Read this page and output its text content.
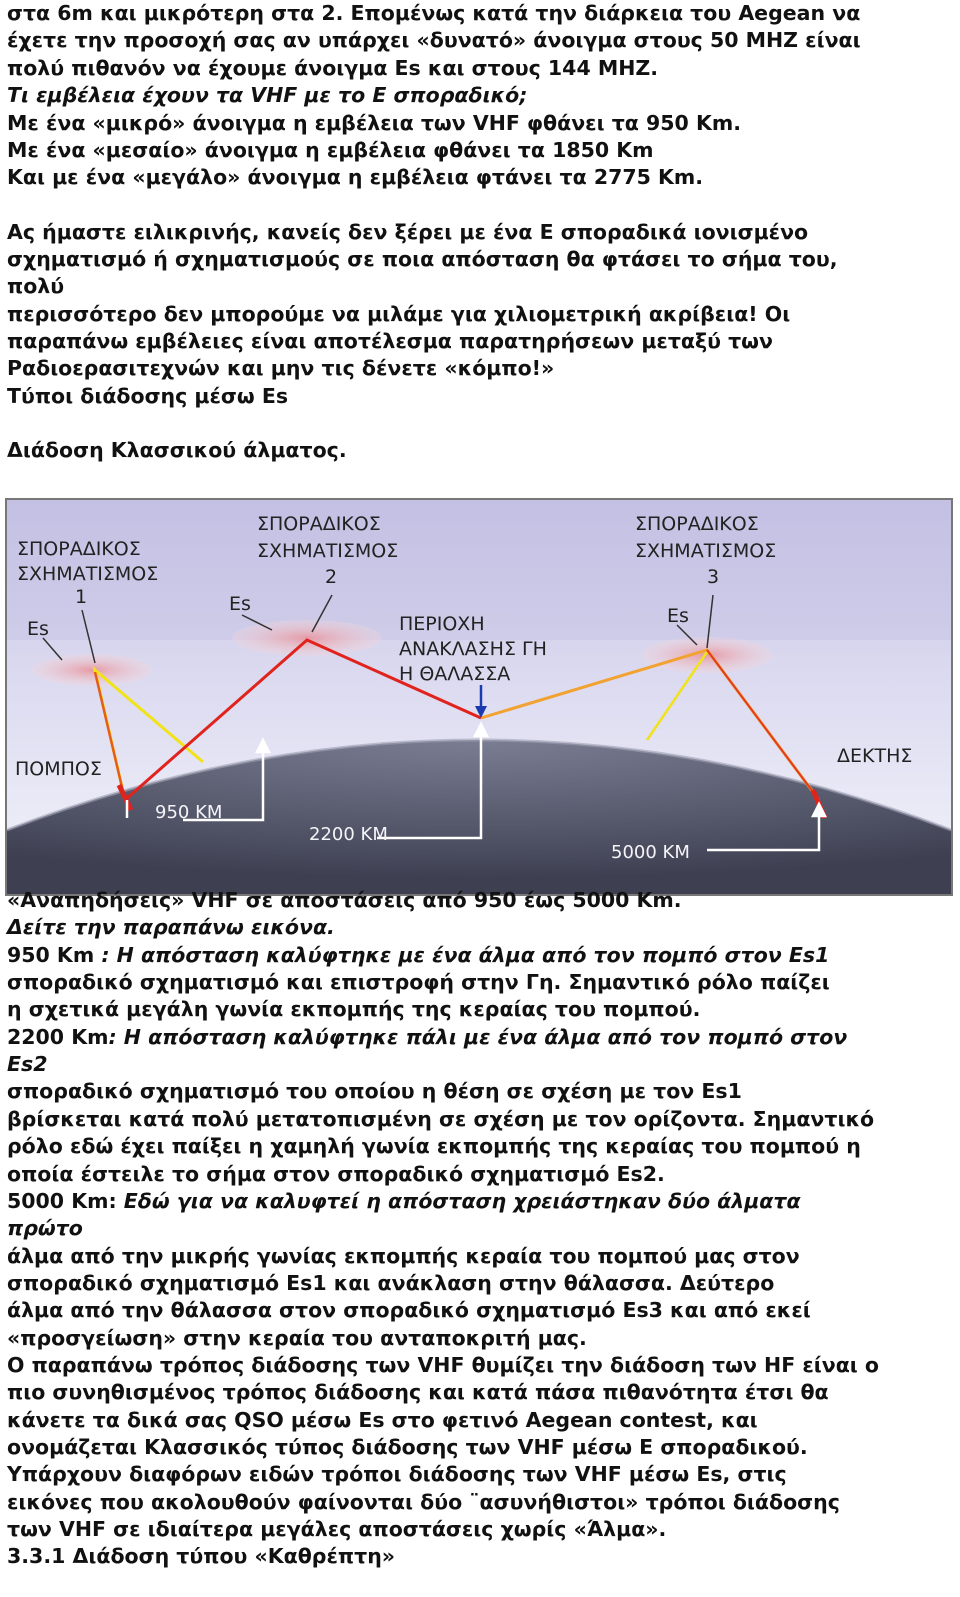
στα 6m και μικρότερη στα 2. Επομένως κατά την διάρκεια του Aegean να
έχετε την προσοχή σας αν υπάρχει «δυνατό» άνοιγμα στους 50 MHZ είναι
πολύ πιθανόν να έχουμε άνοιγμα Es και στους 144 MHZ.
Τι εμβέλεια έχουν τα VHF με το Ε σποραδικό;
Με ένα «μικρό» άνοιγμα η εμβέλεια των VHF φθάνει τα 950 Km.
Με ένα «μεσαίο» άνοιγμα η εμβέλεια φθάνει τα 1850 Km
Και με ένα «μεγάλο» άνοιγμα η εμβέλεια φτάνει τα 2775 Km.
Ας ήμαστε ειλικρινής, κανείς δεν ξέρει με ένα Ε σποραδικά ιονισμένο
σχηματισμό ή σχηματισμούς σε ποια απόσταση θα φτάσει το σήμα του,
πολύ
περισσότερο δεν μπορούμε να μιλάμε για χιλιομετρική ακρίβεια! Οι
παραπάνω εμβέλειες είναι αποτέλεσμα παρατηρήσεων μεταξύ των
Ραδιοερασιτεχνών και μην τις δένετε «κόμπο!»
Τύποι διάδοσης μέσω Es
Διάδοση Κλασσικού άλματος.
ΣΠΟΡΑΔΙΚΟΣ
ΣΧΗΜΑΤΙΣΜΟΣ
1
Es
ΣΠΟΡΑΔΙΚΟΣ
ΣΧΗΜΑΤΙΣΜΟΣ
2
Es
ΣΠΟΡΑΔΙΚΟΣ
ΣΧΗΜΑΤΙΣΜΟΣ
3
Es
ΠΕΡΙΟΧΗ
ΑΝΑΚΛΑΣΗΣ ΓΗ
Η ΘΑΛΑΣΣΑ
ΠΟΜΠΟΣ
ΔΕΚΤΗΣ
950 ΚΜ
2200 ΚΜ
5000 ΚΜ
«Αναπηδήσεις» VHF σε αποστάσεις από 950 έως 5000 Km.
Δείτε την παραπάνω εικόνα.
950 Km : Η απόσταση καλύφτηκε με ένα άλμα από τον πομπό στον Es1
σποραδικό σχηματισμό και επιστροφή στην Γη. Σημαντικό ρόλο παίζει
η σχετικά μεγάλη γωνία εκπομπής της κεραίας του πομπού.
2200 Km: Η απόσταση καλύφτηκε πάλι με ένα άλμα από τον πομπό στον
Es2
σποραδικό σχηματισμό του οποίου η θέση σε σχέση με τον Es1
βρίσκεται κατά πολύ μετατοπισμένη σε σχέση με τον ορίζοντα. Σημαντικό
ρόλο εδώ έχει παίξει η χαμηλή γωνία εκπομπής της κεραίας του πομπού η
οποία έστειλε το σήμα στον σποραδικό σχηματισμό Es2.
5000 Km: Εδώ για να καλυφτεί η απόσταση χρειάστηκαν δύο άλματα
πρώτο
άλμα από την μικρής γωνίας εκπομπής κεραία του πομπού μας στον
σποραδικό σχηματισμό Es1 και ανάκλαση στην θάλασσα. Δεύτερο
άλμα από την θάλασσα στον σποραδικό σχηματισμό Es3 και από εκεί
«προσγείωση» στην κεραία του ανταποκριτή μας.
Ο παραπάνω τρόπος διάδοσης των VHF θυμίζει την διάδοση των HF είναι ο
πιο συνηθισμένος τρόπος διάδοσης και κατά πάσα πιθανότητα έτσι θα
κάνετε τα δικά σας QSO μέσω Es στο φετινό Aegean contest, και
ονομάζεται Κλασσικός τύπος διάδοσης των VHF μέσω Ε σποραδικού.
Υπάρχουν διαφόρων ειδών τρόποι διάδοσης των VHF μέσω Es, στις
εικόνες που ακολουθούν φαίνονται δύο ¨ασυνήθιστοι» τρόποι διάδοσης
των VHF σε ιδιαίτερα μεγάλες αποστάσεις χωρίς «Άλμα».
3.3.1 Διάδοση τύπου «Καθρέπτη»
